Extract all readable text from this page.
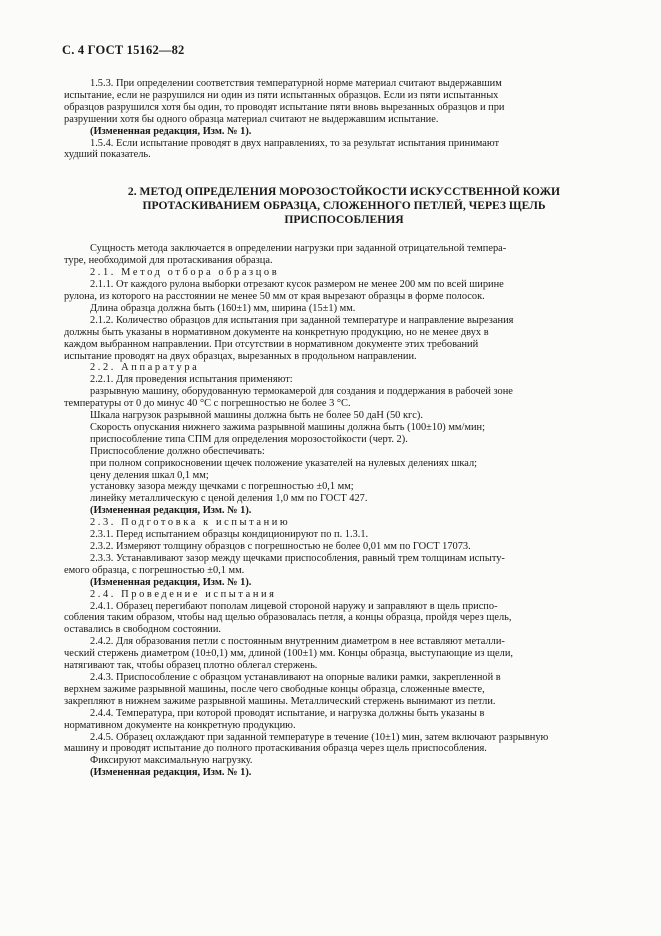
С. 4 ГОСТ 15162—82

1.5.3. При определении соответствия температурной норме материал считают выдержавшим

испытание, если не разрушился ни один из пяти испытанных образцов. Если из пяти испытанных

образцов разрушился хотя бы один, то проводят испытание пяти вновь вырезанных образцов и при

разрушении хотя бы одного образца материал считают не выдержавшим испытание.

(Измененная редакция, Изм. № 1).

1.5.4. Если испытание проводят в двух направлениях, то за результат испытания принимают

худший показатель.

2. МЕТОД ОПРЕДЕЛЕНИЯ МОРОЗОСТОЙКОСТИ ИСКУССТВЕННОЙ КОЖИ

ПРОТАСКИВАНИЕМ ОБРАЗЦА, СЛОЖЕННОГО ПЕТЛЕЙ, ЧЕРЕЗ ЩЕЛЬ

ПРИСПОСОБЛЕНИЯ

Сущность метода заключается в определении нагрузки при заданной отрицательной темпера-

туре, необходимой для протаскивания образца.

2.1. Метод отбора образцов

2.1.1. От каждого рулона выборки отрезают кусок размером не менее 200 мм по всей ширине

рулона, из которого на расстоянии не менее 50 мм от края вырезают образцы в форме полосок.

Длина образца должна быть (160±1) мм, ширина (15±1) мм.

2.1.2. Количество образцов для испытания при заданной температуре и направление вырезания

должны быть указаны в нормативном документе на конкретную продукцию, но не менее двух в

каждом выбранном направлении. При отсутствии в нормативном документе этих требований

испытание проводят на двух образцах, вырезанных в продольном направлении.

2.2. Аппаратура

2.2.1. Для проведения испытания применяют:

разрывную машину, оборудованную термокамерой для создания и поддержания в рабочей зоне

температуры от 0 до минус 40 °С с погрешностью не более 3 °С.

Шкала нагрузок разрывной машины должна быть не более 50 даН (50 кгс).

Скорость опускания нижнего зажима разрывной машины должна быть (100±10) мм/мин;

приспособление типа СПМ для определения морозостойкости (черт. 2).

Приспособление должно обеспечивать:

при полном соприкосновении щечек положение указателей на нулевых делениях шкал;

цену деления шкал 0,1 мм;

установку зазора между щечками с погрешностью ±0,1 мм;

линейку металлическую с ценой деления 1,0 мм по ГОСТ 427.

(Измененная редакция, Изм. № 1).

2.3. Подготовка к испытанию

2.3.1. Перед испытанием образцы кондиционируют по п. 1.3.1.

2.3.2. Измеряют толщину образцов с погрешностью не более 0,01 мм по ГОСТ 17073.

2.3.3. Устанавливают зазор между щечками приспособления, равный трем толщинам испыту-

емого образца, с погрешностью ±0,1 мм.

(Измененная редакция, Изм. № 1).

2.4. Проведение испытания

2.4.1. Образец перегибают пополам лицевой стороной наружу и заправляют в щель приспо-

собления таким образом, чтобы над щелью образовалась петля, а концы образца, пройдя через щель,

оставались в свободном состоянии.

2.4.2. Для образования петли с постоянным внутренним диаметром в нее вставляют металли-

ческий стержень диаметром (10±0,1) мм, длиной (100±1) мм. Концы образца, выступающие из щели,

натягивают так, чтобы образец плотно облегал стержень.

2.4.3. Приспособление с образцом устанавливают на опорные валики рамки, закрепленной в

верхнем зажиме разрывной машины, после чего свободные концы образца, сложенные вместе,

закрепляют в нижнем зажиме разрывной машины. Металлический стержень вынимают из петли.

2.4.4. Температура, при которой проводят испытание, и нагрузка должны быть указаны в

нормативном документе на конкретную продукцию.

2.4.5. Образец охлаждают при заданной температуре в течение (10±1) мин, затем включают разрывную

машину и проводят испытание до полного протаскивания образца через щель приспособления.

Фиксируют максимальную нагрузку.

(Измененная редакция, Изм. № 1).
